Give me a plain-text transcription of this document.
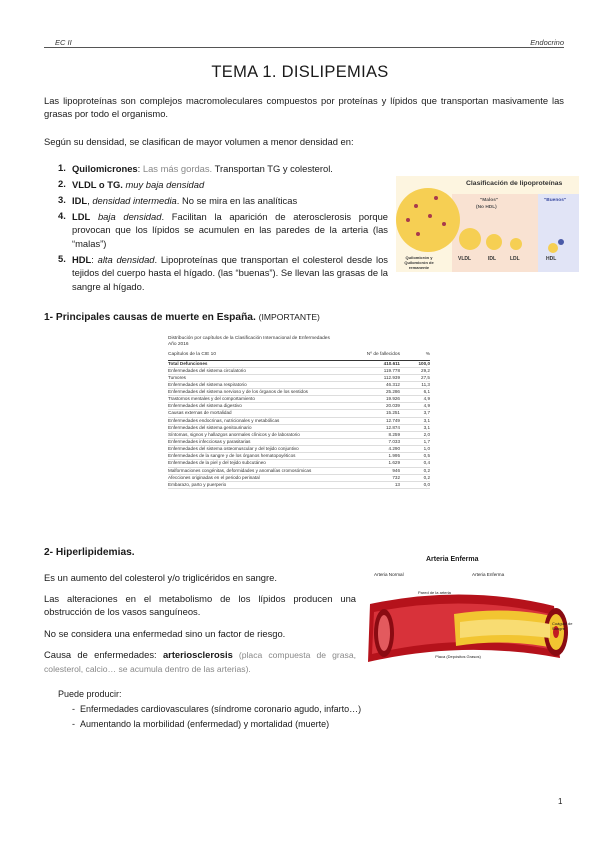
EC II	Endocrino
TEMA 1. DISLIPEMIAS
Las lipoproteínas son complejos macromoleculares compuestos por proteínas y lípidos que transportan masivamente las grasas por todo el organismo.
Según su densidad, se clasifican de mayor volumen a menor densidad en:
1. Quilomicrones: Las más gordas. Transportan TG y colesterol.
2. VLDL o TG. muy baja densidad
3. IDL, densidad intermedia. No se mira en las analíticas
4. LDL baja densidad. Facilitan la aparición de aterosclerosis porque provocan que los lípidos se acumulen en las paredes de la arteria (las “malas”)
5. HDL: alta densidad. Lipoproteínas que transportan el colesterol desde los tejidos del cuerpo hasta el hígado. (las “buenas”). Se llevan las grasas de la sangre al hígado.
Clasificación de lipoproteínas
"Malos"
(No HDL)
"Buenos"
Quilomicrón y Quilomicrón de remanente
VLDL	IDL	LDL	HDL
1- Principales causas de muerte en España. (IMPORTANTE)
Distribución por capítulos de la Clasificación Internacional de Enfermedades
Año 2016
Capítulos de la CIE 10	Nº de fallecidos	%
Total Defunciones	410.611	100,0
Enfermedades del sistema circulatorio	119.778	29,2
Tumores	112.939	27,5
Enfermedades del sistema respiratorio	46.312	11,3
Enfermedades del sistema nervioso y de los órganos de los sentidos	25.286	6,1
Trastornos mentales y del comportamiento	19.926	4,9
Enfermedades del sistema digestivo	20.039	4,9
Causas externas de mortalidad	15.251	3,7
Enfermedades endocrinas, nutricionales y metabólicas	12.749	3,1
Enfermedades del sistema genitourinario	12.874	3,1
Síntomas, signos y hallazgos anormales clínicos y de laboratorio	8.259	2,0
Enfermedades infecciosas y parasitarias	7.033	1,7
Enfermedades del sistema osteomuscular y del tejido conjuntivo	4.290	1,0
Enfermedades de la sangre y de los órganos hematopoyéticos	1.995	0,5
Enfermedades de la piel y del tejido subcutáneo	1.629	0,4
Malformaciones congénitas, deformidades y anomalías cromosómicas	946	0,2
Afecciones originadas en el periodo perinatal	732	0,2
Embarazo, parto y puerperio	13	0,0
2- Hiperlipidemias.
Es un aumento del colesterol y/o triglicéridos en sangre.
Las alteraciones en el metabolismo de los lípidos producen una obstrucción de los vasos sanguíneos.
No se considera una enfermedad sino un factor de riesgo.
Causa de enfermedades: arteriosclerosis (placa compuesta de grasa, colesterol, calcio… se acumula dentro de las arterias).
Puede producir:
-  Enfermedades cardiovasculares (síndrome coronario agudo, infarto…)
-  Aumentando la morbilidad (enfermedad) y mortalidad (muerte)
Arteria Enferma
Arteria Normal	Arteria Enferma
Pared de la arteria
Coágulo de Sangre
Placa (Depósitos Grasos)
1
